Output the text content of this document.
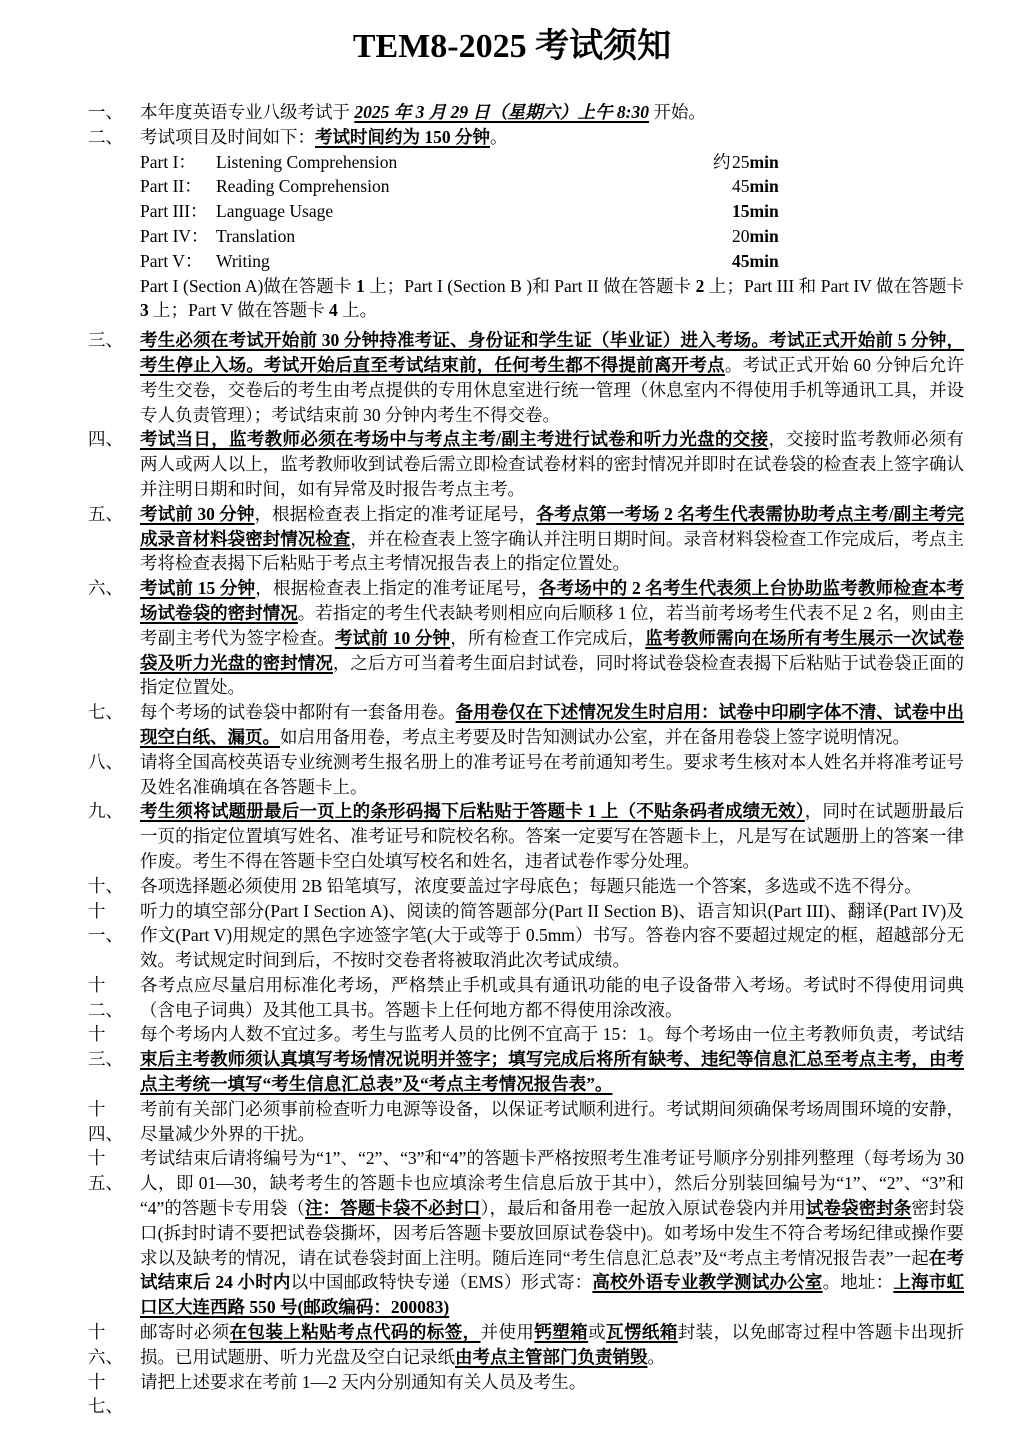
TEM8-2025 考试须知
一、 本年度英语专业八级考试于 2025 年 3 月 29 日（星期六）上午 8:30 开始。
二、 考试项目及时间如下：考试时间约为 150 分钟。
Part I：	Listening Comprehension	约25min
Part II： Reading Comprehension	45min
Part III： Language Usage	15min
Part IV： Translation	20min
Part V： Writing	45min
Part I (Section A)做在答题卡 1 上；Part I (Section B )和 Part II 做在答题卡 2 上；Part III 和 Part IV 做在答题卡 3 上；Part V 做在答题卡 4 上。
三、 考生必须在考试开始前 30 分钟持准考证、身份证和学生证（毕业证）进入考场。考试正式开始前 5 分钟，考生停止入场。考试开始后直至考试结束前，任何考生都不得提前离开考点。考试正式开始 60 分钟后允许考生交卷，交卷后的考生由考点提供的专用休息室进行统一管理（休息室内不得使用手机等通讯工具，并设专人负责管理）；考试结束前 30 分钟内考生不得交卷。
四、 考试当日，监考教师必须在考场中与考点主考/副主考进行试卷和听力光盘的交接，交接时监考教师必须有两人或两人以上，监考教师收到试卷后需立即检查试卷材料的密封情况并即时在试卷袋的检查表上签字确认并注明日期和时间，如有异常及时报告考点主考。
五、 考试前 30 分钟，根据检查表上指定的准考证尾号，各考点第一考场 2 名考生代表需协助考点主考/副主考完成录音材料袋密封情况检查，并在检查表上签字确认并注明日期时间。录音材料袋检查工作完成后，考点主考将检查表揭下后粘贴于考点主考情况报告表上的指定位置处。
六、 考试前 15 分钟，根据检查表上指定的准考证尾号，各考场中的 2 名考生代表须上台协助监考教师检查本考场试卷袋的密封情况。若指定的考生代表缺考则相应向后顺移 1 位，若当前考场考生代表不足 2 名，则由主考副主考代为签字检查。考试前 10 分钟，所有检查工作完成后，监考教师需向在场所有考生展示一次试卷袋及听力光盘的密封情况，之后方可当着考生面启封试卷，同时将试卷袋检查表揭下后粘贴于试卷袋正面的指定位置处。
七、 每个考场的试卷袋中都附有一套备用卷。备用卷仅在下述情况发生时启用：试卷中印刷字体不清、试卷中出现空白纸、漏页。如启用备用卷，考点主考要及时告知测试办公室，并在备用卷袋上签字说明情况。
八、 请将全国高校英语专业统测考生报名册上的准考证号在考前通知考生。要求考生核对本人姓名并将准考证号及姓名准确填在各答题卡上。
九、 考生须将试题册最后一页上的条形码揭下后粘贴于答题卡 1 上（不贴条码者成绩无效），同时在试题册最后一页的指定位置填写姓名、准考证号和院校名称。答案一定要写在答题卡上，凡是写在试题册上的答案一律作废。考生不得在答题卡空白处填写校名和姓名，违者试卷作零分处理。
十、 各项选择题必须使用 2B 铅笔填写，浓度要盖过字母底色；每题只能选一个答案，多选或不选不得分。
十一、
听力的填空部分(Part I Section A)、阅读的简答题部分(Part II Section B)、语言知识(Part III)、翻译(Part IV)及作文(Part V)用规定的黑色字迹签字笔(大于或等于 0.5mm）书写。答卷内容不要超过规定的框，超越部分无效。考试规定时间到后，不按时交卷者将被取消此次考试成绩。
十二、
各考点应尽量启用标准化考场，严格禁止手机或具有通讯功能的电子设备带入考场。考试时不得使用词典（含电子词典）及其他工具书。答题卡上任何地方都不得使用涂改液。
十三、
每个考场内人数不宜过多。考生与监考人员的比例不宜高于 15：1。每个考场由一位主考教师负责，考试结束后主考教师须认真填写考场情况说明并签字；填写完成后将所有缺考、违纪等信息汇总至考点主考，由考点主考统一填写“考生信息汇总表”及“考点主考情况报告表”。
十四、
考前有关部门必须事前检查听力电源等设备，以保证考试顺利进行。考试期间须确保考场周围环境的安静，尽量减少外界的干扰。
十五、
考试结束后请将编号为“1”、“2”、“3”和“4”的答题卡严格按照考生准考证号顺序分别排列整理（每考场为 30 人，即 01—30，缺考考生的答题卡也应填涂考生信息后放于其中），然后分别装回编号为“1”、“2”、“3”和“4”的答题卡专用袋（注：答题卡袋不必封口），最后和备用卷一起放入原试卷袋内并用试卷袋密封条密封袋口(拆封时请不要把试卷袋撕坏，因考后答题卡要放回原试卷袋中)。如考场中发生不符合考场纪律或操作要求以及缺考的情况，请在试卷袋封面上注明。随后连同“考生信息汇总表”及“考点主考情况报告表”一起在考试结束后 24 小时内以中国邮政特快专递（EMS）形式寄：高校外语专业教学测试办公室。地址：上海市虹口区大连西路 550 号(邮政编码：200083)
十六、
邮寄时必须在包装上粘贴考点代码的标签，并使用钙塑箱或瓦愣纸箱封装，以免邮寄过程中答题卡出现折损。已用试题册、听力光盘及空白记录纸由考点主管部门负责销毁。
十七、
请把上述要求在考前 1—2 天内分别通知有关人员及考生。
